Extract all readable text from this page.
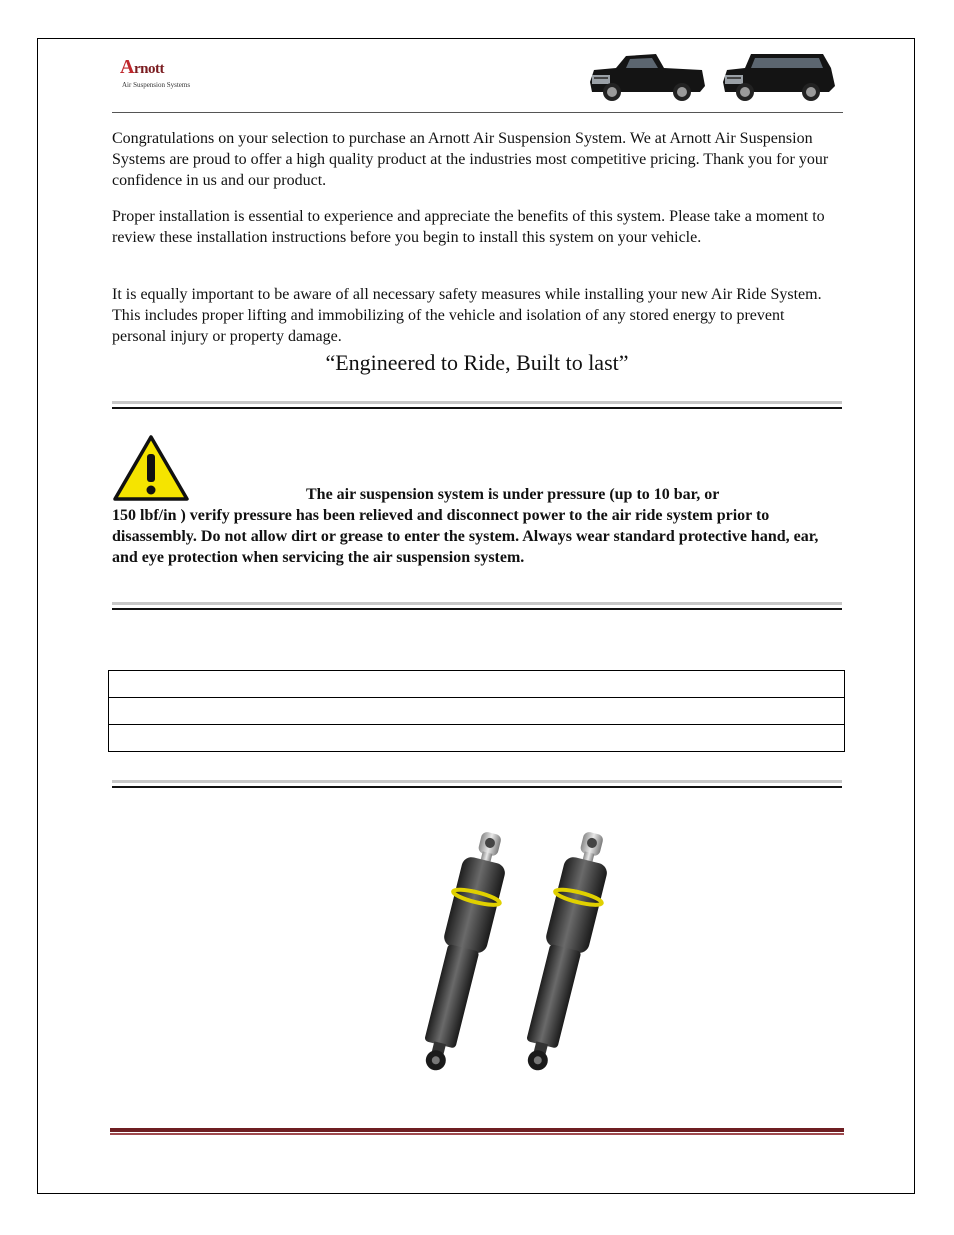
Arnott
Air Suspension Systems

Congratulations on your selection to purchase an Arnott Air Suspension System. We at Arnott Air Suspension Systems are proud to offer a high quality product at the industries most competitive pricing. Thank you for your confidence in us and our product.

Proper installation is essential to experience and appreciate the benefits of this system. Please take a moment to review these installation instructions before you begin to install this system on your vehicle.

It is equally important to be aware of all necessary safety measures while installing your new Air Ride System. This includes proper lifting and immobilizing of the vehicle and isolation of any stored energy to prevent personal injury or property damage.

“Engineered to Ride, Built to last”

The air suspension system is under pressure (up to 10 bar, or
150 lbf/in ) verify pressure has been relieved and disconnect power to the air ride system prior to disassembly. Do not allow dirt or grease to enter the system. Always wear standard protective hand, ear, and eye protection when servicing the air suspension system.
